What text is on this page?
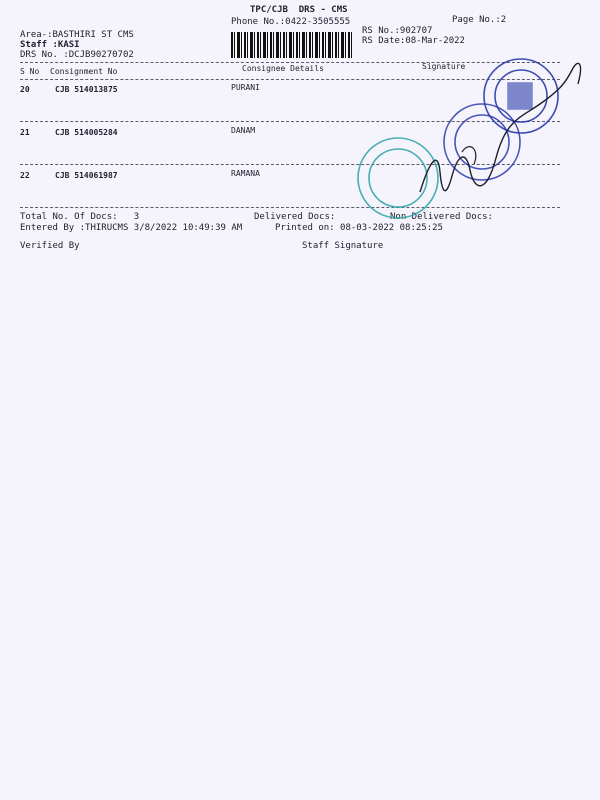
TPC/CJB  DRS - CMS
Phone No.:0422-3505555	Page No.:2
RS No.:902707
RS Date:08-Mar-2022
Area-:BASTHIRI ST CMS
Staff :KASI
DRS No. :DCJB90270702
S No Consignment No	Consignee Details	Signature
20	CJB 514013875	PURANI
21	CJB 514005284	DANAM
22	CJB 514061987	RAMANA
Total No. Of Docs:   3	Delivered Docs:	Non Delivered Docs:
Entered By :THIRUCMS 3/8/2022 10:49:39 AM	Printed on: 08-03-2022 08:25:25
Verified By	Staff Signature
